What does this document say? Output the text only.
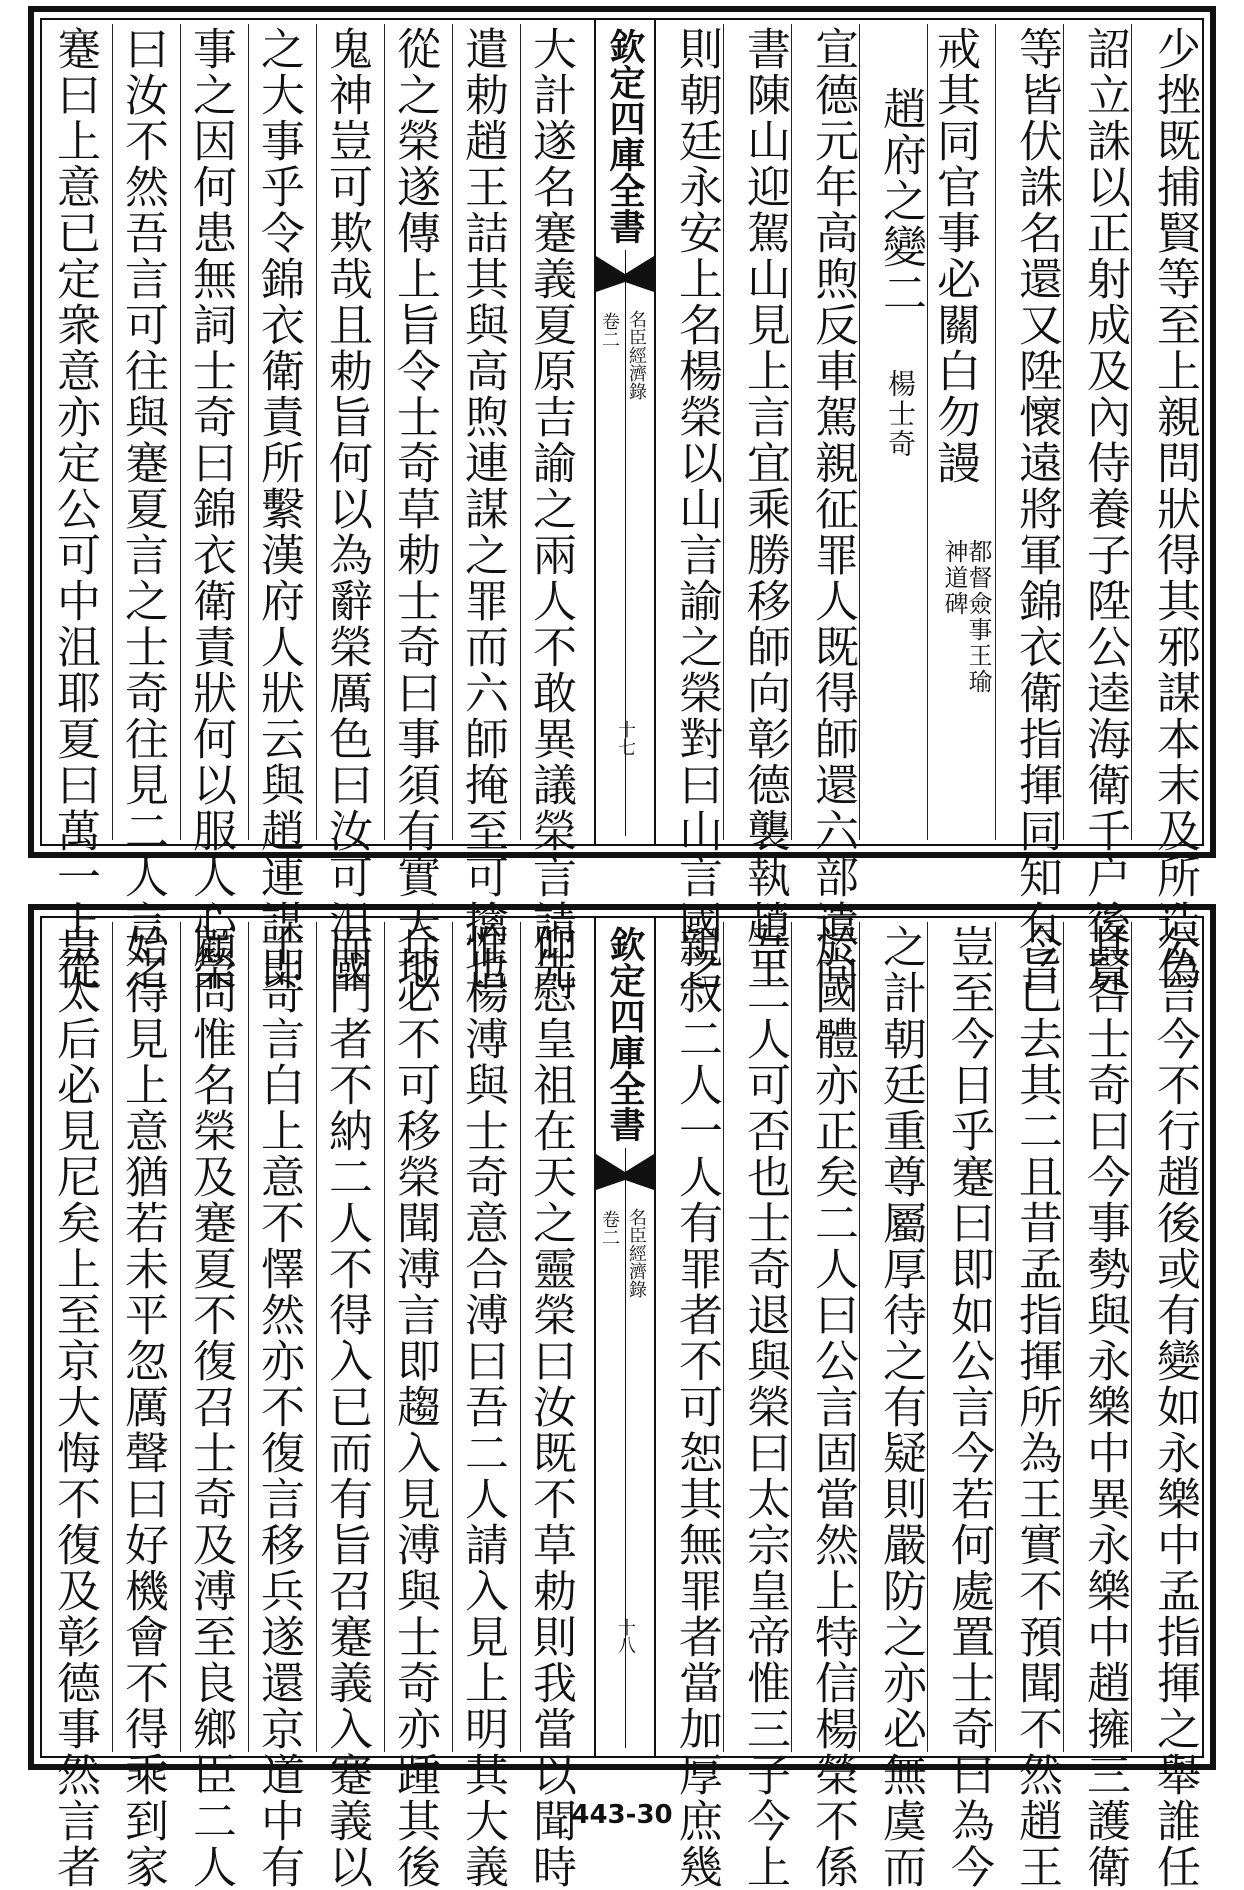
少挫既捕賢等至上親問狀得其邪謀本末及所造偽
詔立誅以正射成及內侍養子陞公逵海衛千户後賢
等皆伏誅名還又陞懷遠將軍錦衣衛指揮同知有旨
戒其同官事必關白勿謾 都督僉事王瑜神道碑
趙府之變二 楊士奇
宣德元年高煦反車駕親征罪人既得師還六部遣尚
書陳山迎駕山見上言宜乘勝移師向彰德襲執趙王
則朝廷永安上名楊榮以山言諭之榮對曰山言國之
欽定四庫全書
名臣經濟錄
卷二
十七
大計遂名蹇義夏原吉諭之兩人不敢異議榮言請先
遣勅趙王詰其與高煦連謀之罪而六師掩至可擒也
從之榮遂傳上旨令士奇草勅士奇曰事須有實天地
鬼神豈可欺哉且勅旨何以為辭榮厲色曰汝可沮國
之大事乎令錦衣衛責所繫漢府人狀云與趙連謀即
事之因何患無詞士奇曰錦衣衛責狀何以服人心榮
曰汝不然吾言可往與蹇夏言之士奇往見二人言之
蹇曰上意已定衆意亦定公可中沮耶夏曰萬一上從
公言今不行趙後或有變如永樂中孟指揮之舉誰任
其咎士奇曰今事勢與永樂中異永樂中趙擁三護衛
今已去其二且昔孟指揮所為王實不預聞不然趙王
豈至今日乎蹇曰即如公言今若何處置士奇曰為今
之計朝廷重尊屬厚待之有疑則嚴防之亦必無虞而
於國體亦正矣二人曰公言固當然上特信楊榮不係
吾二人可否也士奇退與榮曰太宗皇帝惟三子今上
親叔二人一人有罪者不可恕其無罪者當加厚庶幾
欽定四庫全書
名臣經濟錄
卷二
十八
仰慰皇祖在天之靈榮曰汝既不草勅則我當以聞時
惟楊溥與士奇意合溥曰吾二人請入見上明其大義
兵必不可移榮聞溥言即趨入見溥與士奇亦踵其後
而門者不納二人不得入已而有旨召蹇義入蹇義以
士奇言白上意不懌然亦不復言移兵遂還京道中有
顧問惟名榮及蹇夏不復召士奇及溥至良鄉臣二人
始得見上意猶若未平忽厲聲曰好機會不得乘到家
皇太后必見尼矣上至京大悔不復及彰德事然言者	443-30
